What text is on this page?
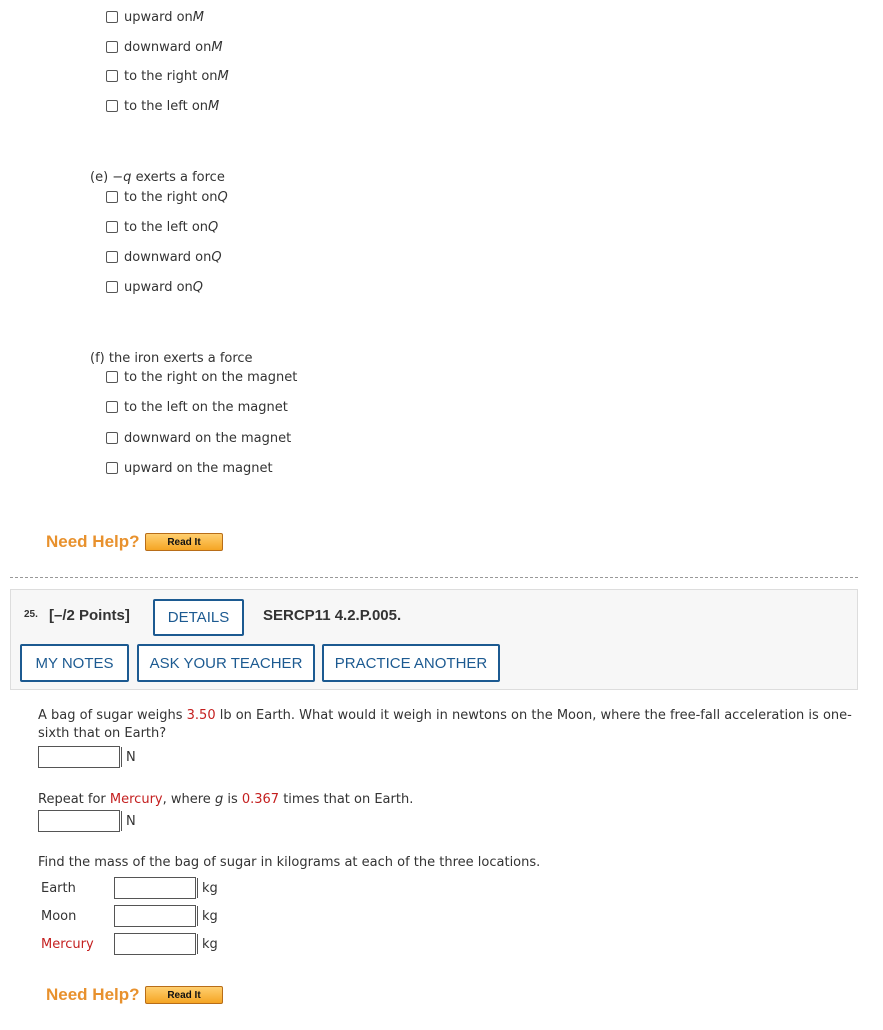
upward on M
downward on M
to the right on M
to the left on M
(e) −q exerts a force
to the right on Q
to the left on Q
downward on Q
upward on Q
(f) the iron exerts a force
to the right on the magnet
to the left on the magnet
downward on the magnet
upward on the magnet
Need Help?	Read It
25. [–/2 Points]	DETAILS	SERCP11 4.2.P.005.
MY NOTES	ASK YOUR TEACHER	PRACTICE ANOTHER
A bag of sugar weighs 3.50 lb on Earth. What would it weigh in newtons on the Moon, where the free-fall acceleration is one-
sixth that on Earth?
N
Repeat for Mercury, where g is 0.367 times that on Earth.
N
Find the mass of the bag of sugar in kilograms at each of the three locations.
Earth	kg
Moon	kg
Mercury	kg
Need Help?	Read It
